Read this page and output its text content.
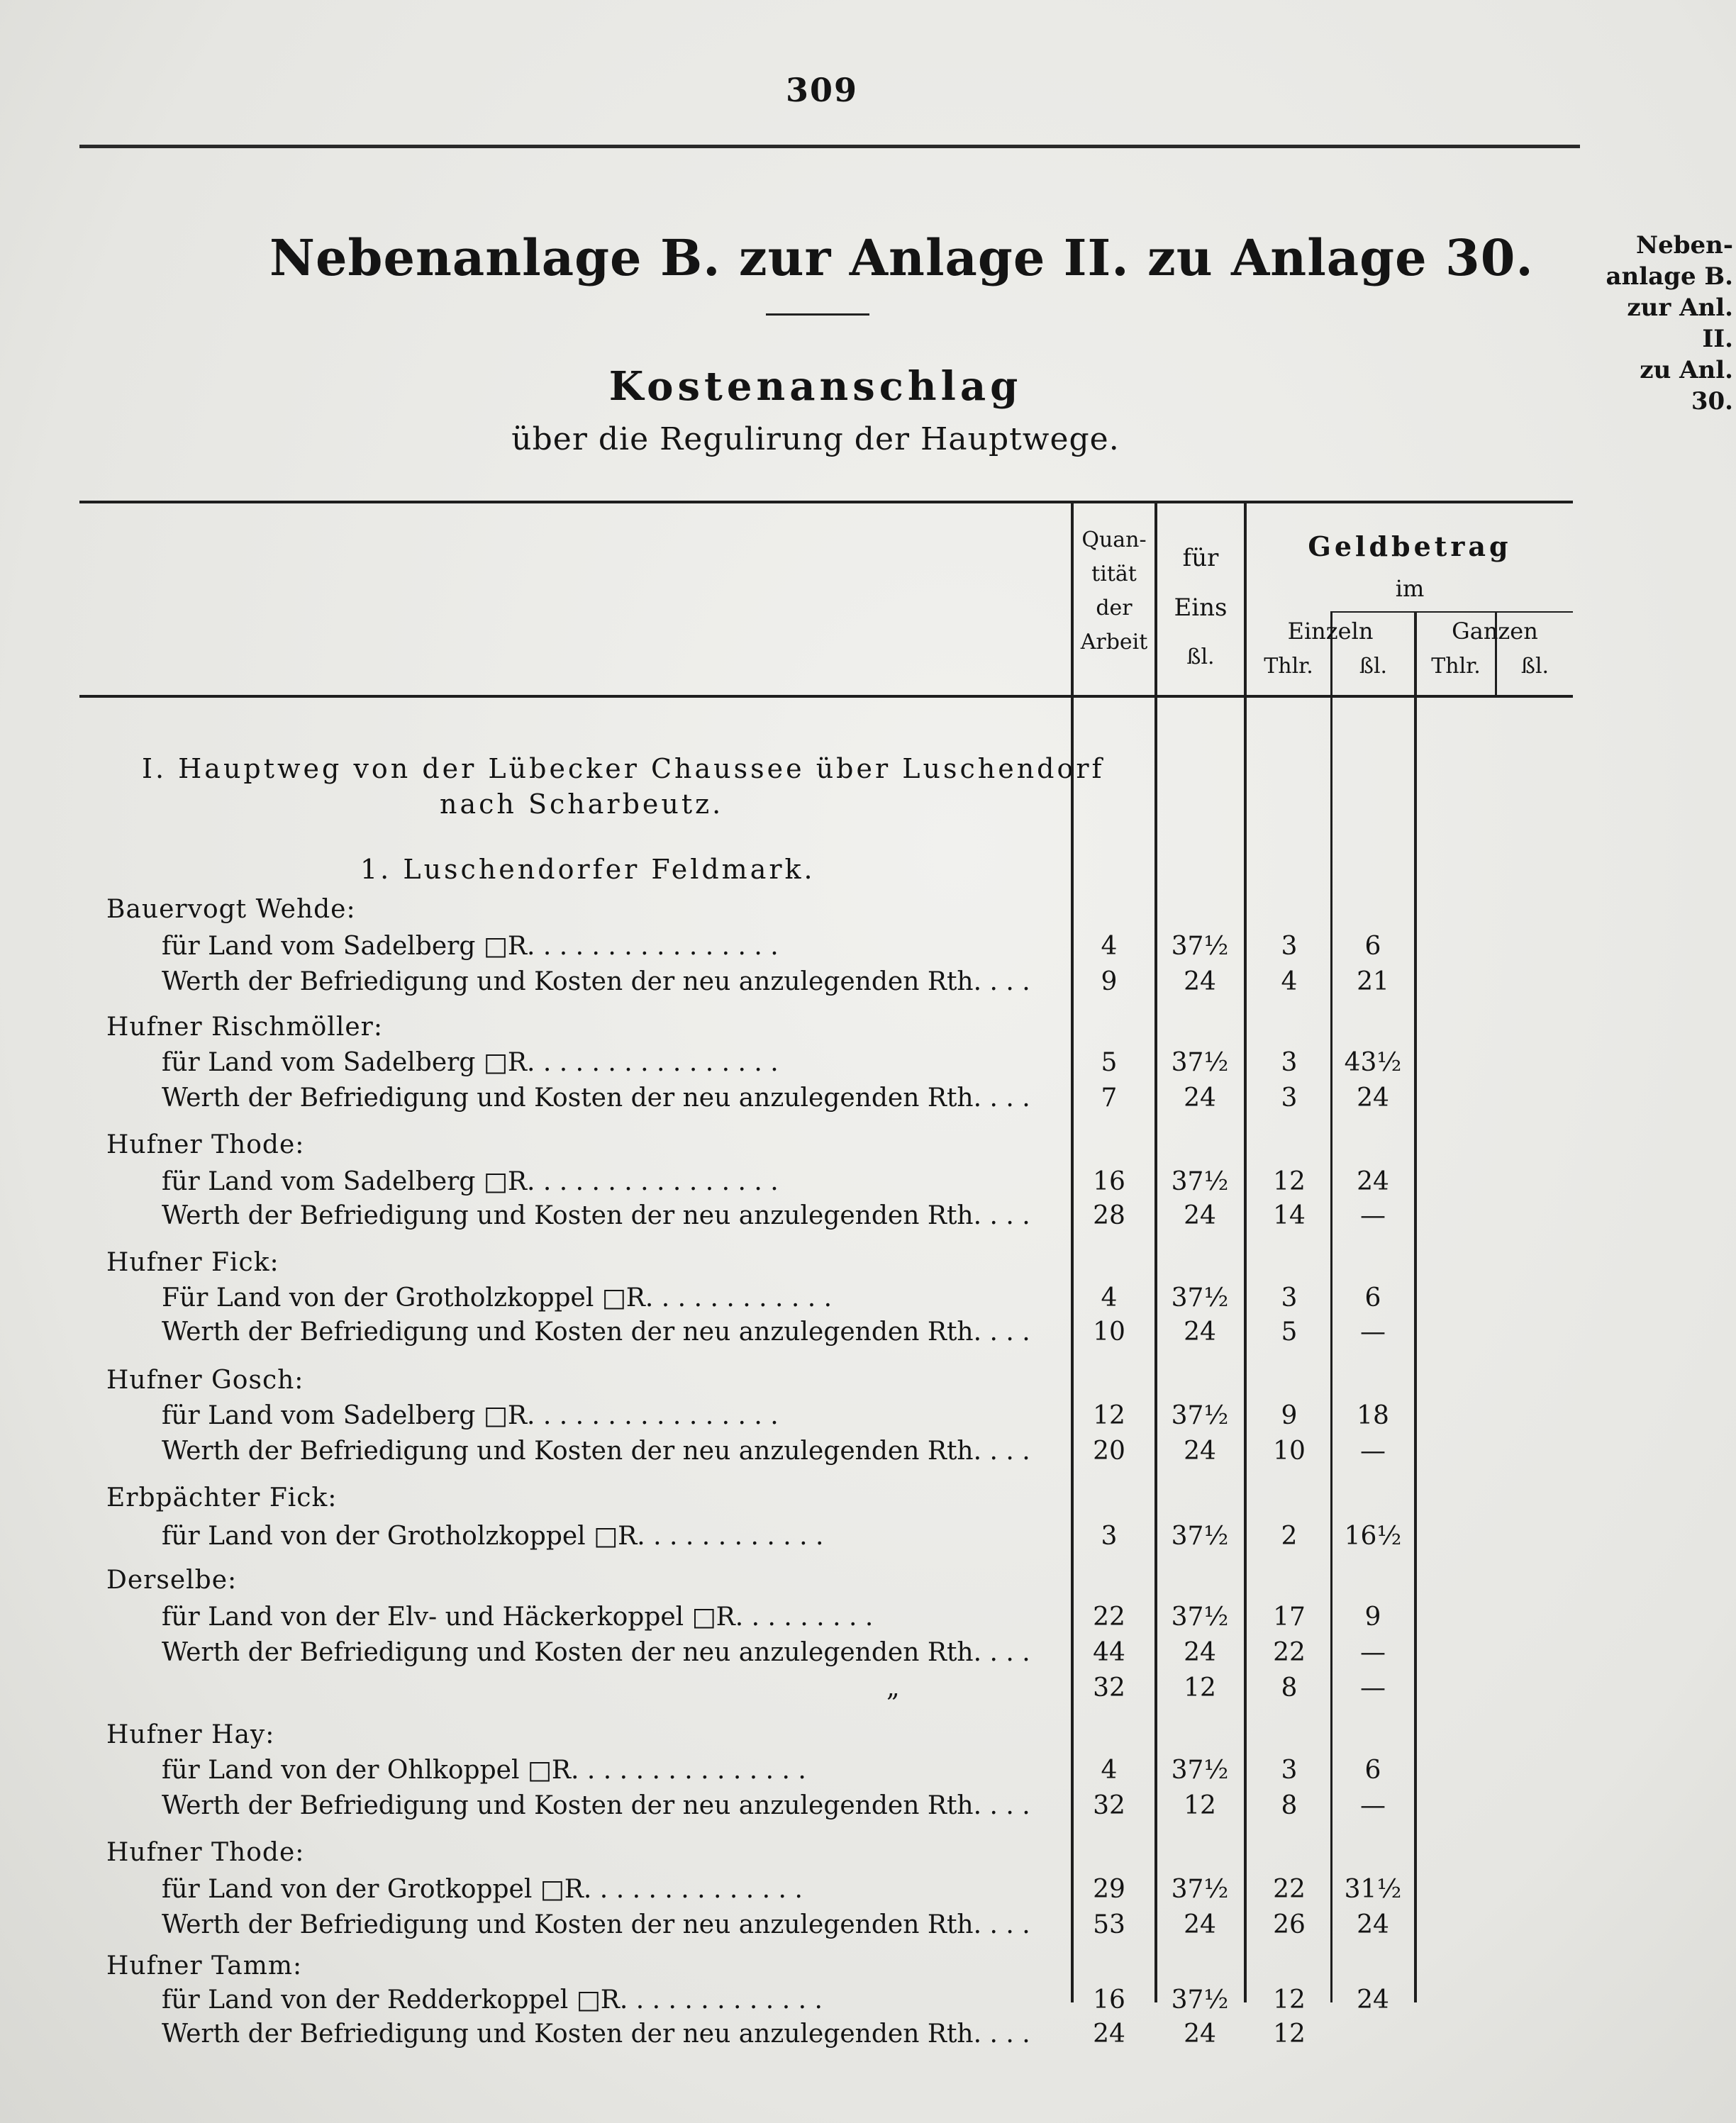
309
Nebenanlage B. zur Anlage II. zu Anlage 30.	Neben-
anlage B.
zur Anl. II.
zu Anl. 30.
Kostenanschlag
über die Regulirung der Hauptwege.
Quan-
tität
der
Arbeit
für
Eins
ßl.
Geldbetrag
im
Einzeln	Ganzen
Thlr.	ßl.	Thlr.	ßl.
I. Hauptweg von der Lübecker Chaussee über Luschendorf
nach Scharbeutz.
1. Luschendorfer Feldmark.
Bauervogt Wehde:
für Land vom Sadelberg □R. . . . . . . . . . . . . . . .	4	37½	3	6
Werth der Befriedigung und Kosten der neu anzulegenden Rth. . . .	9	24	4	21
Hufner Rischmöller:
für Land vom Sadelberg □R. . . . . . . . . . . . . . . .	5	37½	3	43½
Werth der Befriedigung und Kosten der neu anzulegenden Rth. . . .	7	24	3	24
Hufner Thode:
für Land vom Sadelberg □R. . . . . . . . . . . . . . . .	16	37½	12	24
Werth der Befriedigung und Kosten der neu anzulegenden Rth. . . .	28	24	14	—
Hufner Fick:
Für Land von der Grotholzkoppel □R. . . . . . . . . . . .	4	37½	3	6
Werth der Befriedigung und Kosten der neu anzulegenden Rth. . . .	10	24	5	—
Hufner Gosch:
für Land vom Sadelberg □R. . . . . . . . . . . . . . . .	12	37½	9	18
Werth der Befriedigung und Kosten der neu anzulegenden Rth. . . .	20	24	10	—
Erbpächter Fick:
für Land von der Grotholzkoppel □R. . . . . . . . . . . .	3	37½	2	16½
Derselbe:
für Land von der Elv- und Häckerkoppel □R. . . . . . . . .	22	37½	17	9
Werth der Befriedigung und Kosten der neu anzulegenden Rth. . . .	44	24	22	—
„	32	12	8	—
Hufner Hay:
für Land von der Ohlkoppel □R. . . . . . . . . . . . . . .	4	37½	3	6
Werth der Befriedigung und Kosten der neu anzulegenden Rth. . . .	32	12	8	—
Hufner Thode:
für Land von der Grotkoppel □R. . . . . . . . . . . . . .	29	37½	22	31½
Werth der Befriedigung und Kosten der neu anzulegenden Rth. . . .	53	24	26	24
Hufner Tamm:
für Land von der Redderkoppel □R. . . . . . . . . . . . .	16	37½	12	24
Werth der Befriedigung und Kosten der neu anzulegenden Rth. . . .	24	24	12
